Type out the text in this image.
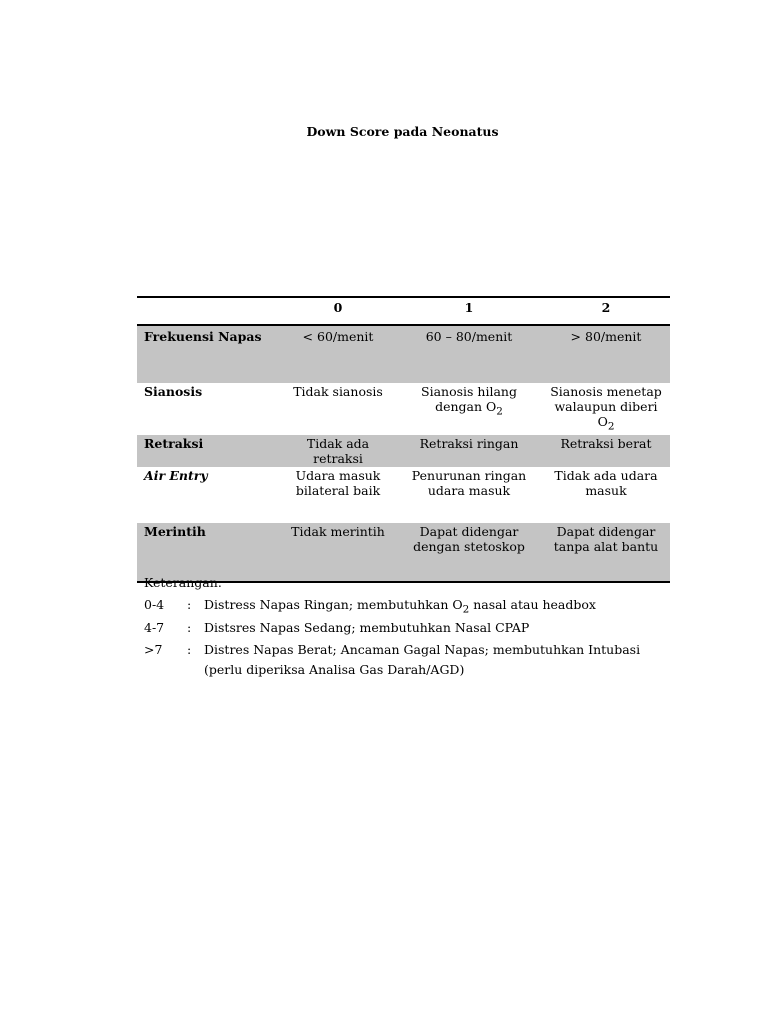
Down Score pada Neonatus
	0	1	2
Frekuensi Napas	< 60/menit	60 – 80/menit	> 80/menit
Sianosis	Tidak sianosis	Sianosis hilang dengan $O_2$	Sianosis menetap walaupun diberi $O_2$
Retraksi	Tidak ada retraksi	Retraksi ringan	Retraksi berat
Air Entry	Udara masuk bilateral baik	Penurunan ringan udara masuk	Tidak ada udara masuk
Merintih	Tidak merintih	Dapat didengar dengan stetoskop	Dapat didengar tanpa alat bantu
Keterangan:
0-4	:	Distress Napas Ringan; membutuhkan $O_2$ nasal atau headbox
4-7	:	Distsres Napas Sedang; membutuhkan Nasal CPAP
>7	:	Distres Napas Berat; Ancaman Gagal Napas; membutuhkan Intubasi
(perlu diperiksa Analisa Gas Darah/AGD)
